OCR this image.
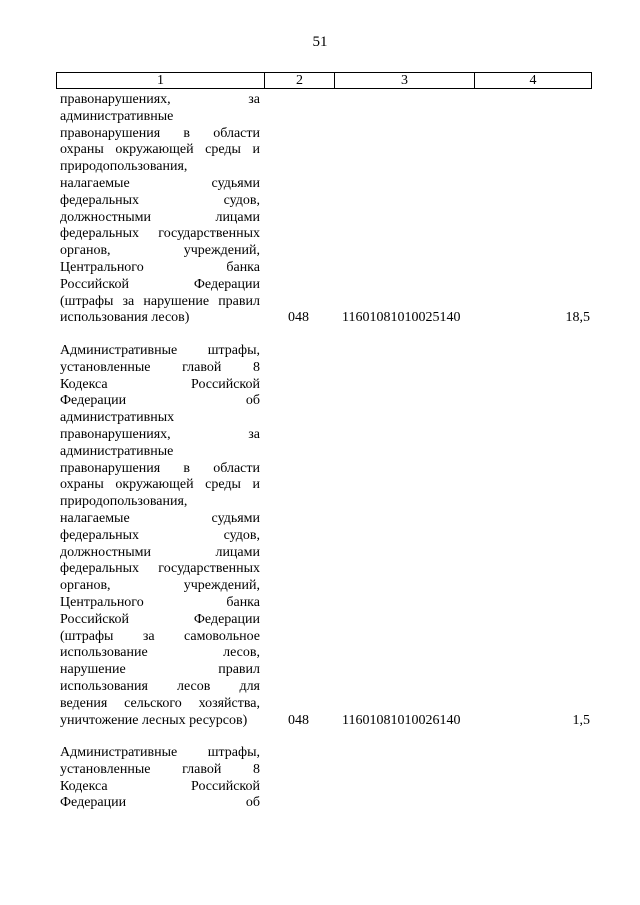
51
1	2	3	4
правонарушениях, за
административные
правонарушения в области
охраны окружающей среды и
природопользования,
налагаемые судьями
федеральных судов,
должностными лицами
федеральных государственных
органов, учреждений,
Центрального банка
Российской Федерации
(штрафы за нарушение правил
использования лесов)	048 11601081010025140	18,5
Административные штрафы,
установленные главой 8
Кодекса Российской
Федерации об
административных
правонарушениях, за
административные
правонарушения в области
охраны окружающей среды и
природопользования,
налагаемые судьями
федеральных судов,
должностными лицами
федеральных государственных
органов, учреждений,
Центрального банка
Российской Федерации
(штрафы за самовольное
использование лесов,
нарушение правил
использования лесов для
ведения сельского хозяйства,
уничтожение лесных ресурсов)	048 11601081010026140	1,5
Административные штрафы,
установленные главой 8
Кодекса Российской
Федерации об
